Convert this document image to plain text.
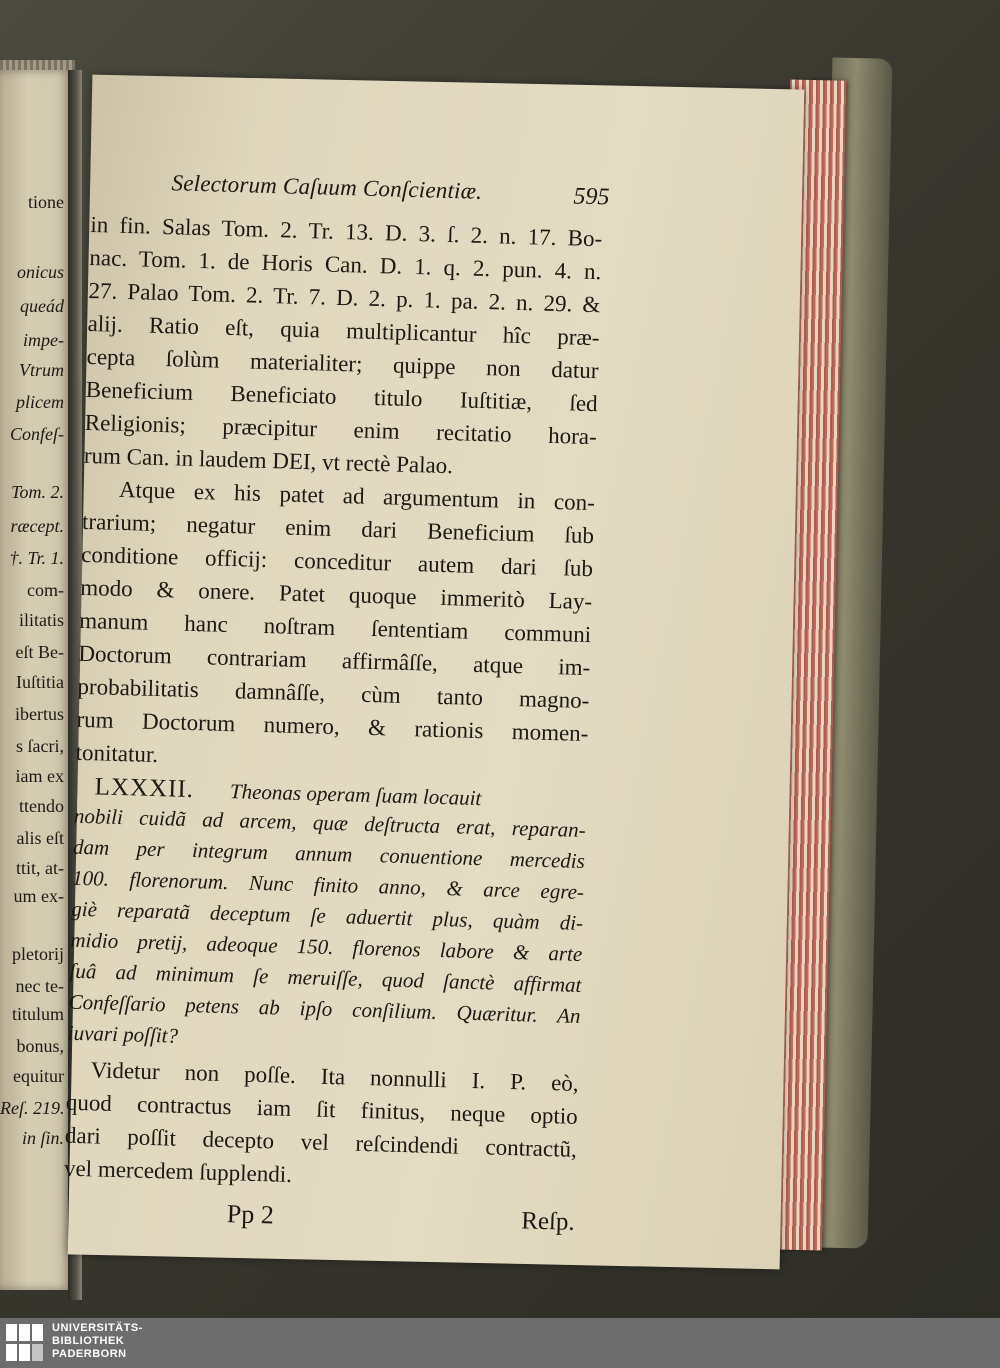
Selectorum Caſuum Conſcientiæ.	595
in fin. Salas Tom. 2. Tr. 13. D. 3. ſ. 2. n. 17. Bo-
nac. Tom. 1. de Horis Can. D. 1. q. 2. pun. 4. n.
27. Palao Tom. 2. Tr. 7. D. 2. p. 1. pa. 2. n. 29. &
alij. Ratio eſt, quia multiplicantur hîc præ-
cepta ſolùm materialiter; quippe non datur
Beneficium Beneficiato titulo Iuſtitiæ, ſed
Religionis; præcipitur enim recitatio hora-
rum Can. in laudem DEI, vt rectè Palao.
Atque ex his patet ad argumentum in con-
trarium; negatur enim dari Beneficium ſub
conditione officij: conceditur autem dari ſub
modo & onere. Patet quoque immeritò Lay-
manum hanc noſtram ſententiam communi
Doctorum contrariam affirmâſſe, atque im-
probabilitatis damnâſſe, cùm tanto magno-
rum Doctorum numero, & rationis momen-
tonitatur.
LXXXII. Theonas operam ſuam locauit
nobili cuidã ad arcem, quæ deſtructa erat, reparan-
dam per integrum annum conuentione mercedis
100. florenorum. Nunc finito anno, & arce egre-
giè reparatã deceptum ſe aduertit plus, quàm di-
midio pretij, adeoque 150. florenos labore & arte
ſuâ ad minimum ſe meruiſſe, quod ſanctè affirmat
Confeſſario petens ab ipſo conſilium. Quæritur. An
iuvari poſſit?
Videtur non poſſe. Ita nonnulli I. P. eò,
quod contractus iam ſit finitus, neque optio
dari poſſit decepto vel reſcindendi contractũ,
vel mercedem ſupplendi.
Pp 2	Reſp.
tione
onicus
queád
impe-
Vtrum
plicem
Confeſ-
Tom. 2.
ræcept.
†. Tr. 1.
com-
ilitatis
eſt Be-
Iuſtitia
ibertus
s ſacri,
iam ex
ttendo
alis eſt
ttit, at-
um ex-
pletorij
nec te-
titulum
bonus,
equitur
Reſ. 219.
in ſin.
UNIVERSITÄTS-
BIBLIOTHEK
PADERBORN
